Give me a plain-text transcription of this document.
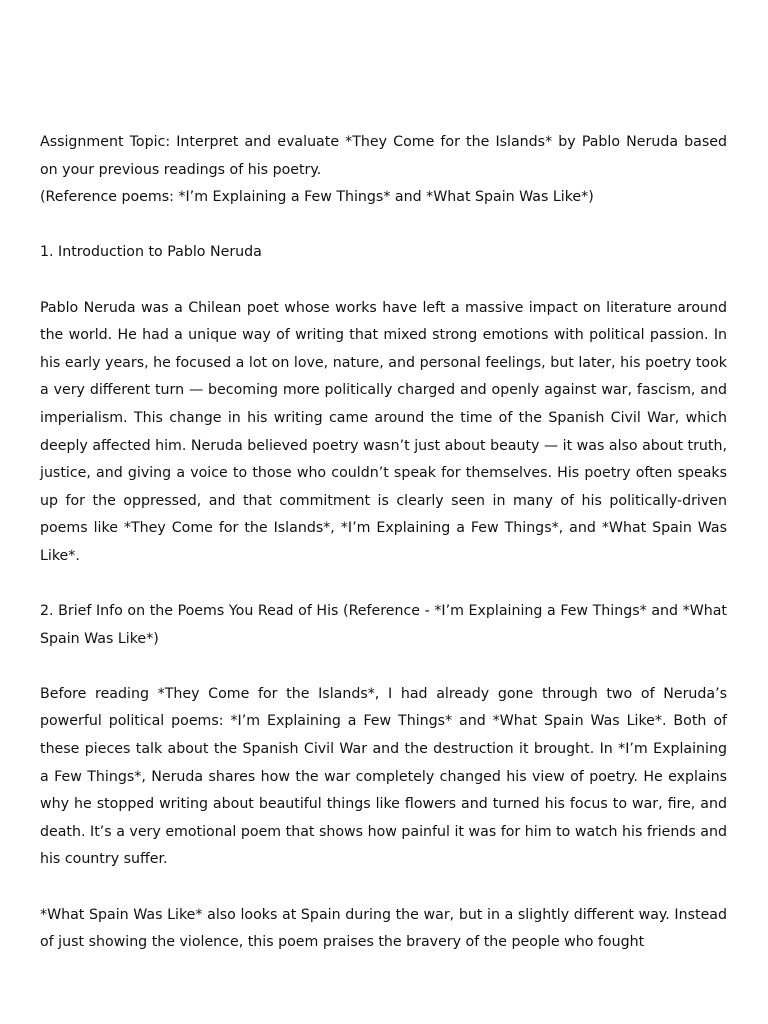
Assignment Topic: Interpret and evaluate *They Come for the Islands* by Pablo Neruda based on your previous readings of his poetry.
(Reference poems: *I’m Explaining a Few Things* and *What Spain Was Like*)

1. Introduction to Pablo Neruda

Pablo Neruda was a Chilean poet whose works have left a massive impact on literature around the world. He had a unique way of writing that mixed strong emotions with political passion. In his early years, he focused a lot on love, nature, and personal feelings, but later, his poetry took a very different turn — becoming more politically charged and openly against war, fascism, and imperialism. This change in his writing came around the time of the Spanish Civil War, which deeply affected him. Neruda believed poetry wasn’t just about beauty — it was also about truth, justice, and giving a voice to those who couldn’t speak for themselves. His poetry often speaks up for the oppressed, and that commitment is clearly seen in many of his politically-driven poems like *They Come for the Islands*, *I’m Explaining a Few Things*, and *What Spain Was Like*.

2. Brief Info on the Poems You Read of His (Reference - *I’m Explaining a Few Things* and *What Spain Was Like*)

Before reading *They Come for the Islands*, I had already gone through two of Neruda’s powerful political poems: *I’m Explaining a Few Things* and *What Spain Was Like*. Both of these pieces talk about the Spanish Civil War and the destruction it brought. In *I’m Explaining a Few Things*, Neruda shares how the war completely changed his view of poetry. He explains why he stopped writing about beautiful things like flowers and turned his focus to war, fire, and death. It’s a very emotional poem that shows how painful it was for him to watch his friends and his country suffer.

*What Spain Was Like* also looks at Spain during the war, but in a slightly different way. Instead of just showing the violence, this poem praises the bravery of the people who fought
